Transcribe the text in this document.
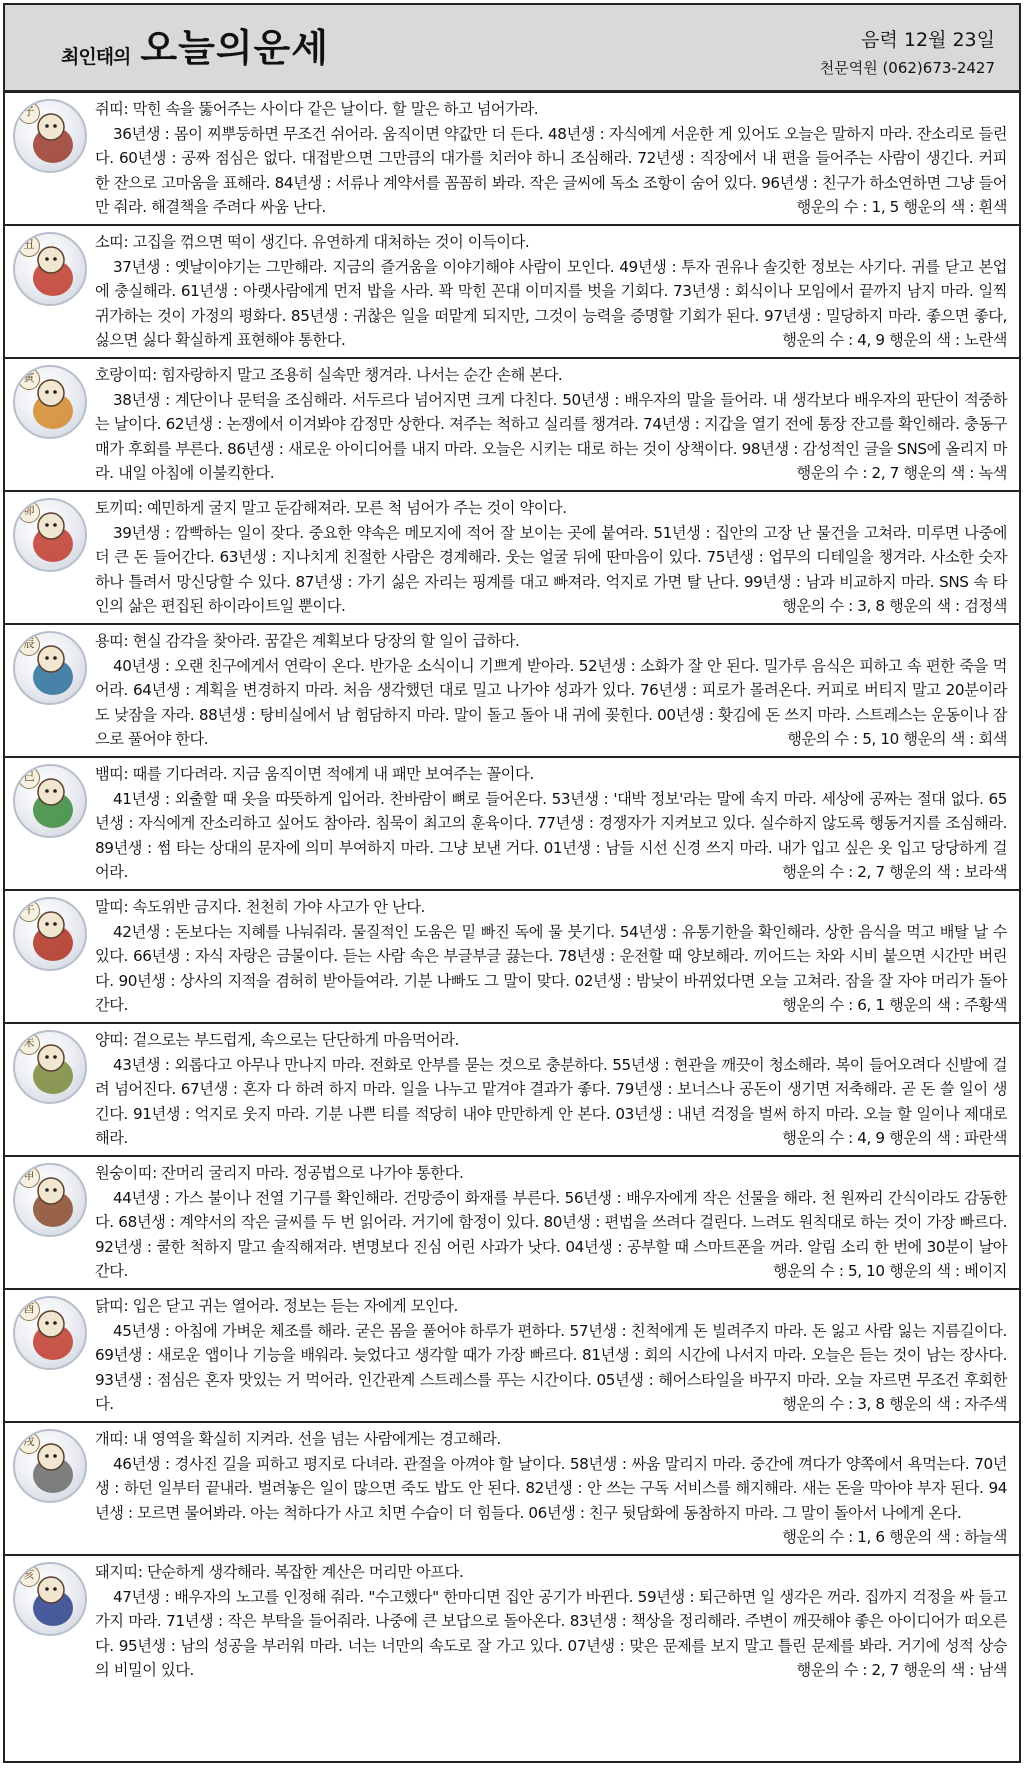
최인태의 오늘의운세	음력 12월 23일
천문역원 (062)673-2427
子	쥐띠: 막힌 속을 뚫어주는 사이다 같은 날이다. 할 말은 하고 넘어가라.
36년생 : 몸이 찌뿌둥하면 무조건 쉬어라. 움직이면 약값만 더 든다. 48년생 : 자식에게 서운한 게 있어도 오늘은 말하지 마라. 잔소리로 들린다. 60년생 : 공짜 점심은 없다. 대접받으면 그만큼의 대가를 치러야 하니 조심해라. 72년생 : 직장에서 내 편을 들어주는 사람이 생긴다. 커피 한 잔으로 고마움을 표해라. 84년생 : 서류나 계약서를 꼼꼼히 봐라. 작은 글씨에 독소 조항이 숨어 있다. 96년생 : 친구가 하소연하면 그냥 들어만 줘라. 해결책을 주려다 싸움 난다.	행운의 수 : 1, 5 행운의 색 : 흰색
丑	소띠: 고집을 꺾으면 떡이 생긴다. 유연하게 대처하는 것이 이득이다.
37년생 : 옛날이야기는 그만해라. 지금의 즐거움을 이야기해야 사람이 모인다. 49년생 : 투자 권유나 솔깃한 정보는 사기다. 귀를 닫고 본업에 충실해라. 61년생 : 아랫사람에게 먼저 밥을 사라. 꽉 막힌 꼰대 이미지를 벗을 기회다. 73년생 : 회식이나 모임에서 끝까지 남지 마라. 일찍 귀가하는 것이 가정의 평화다. 85년생 : 귀찮은 일을 떠맡게 되지만, 그것이 능력을 증명할 기회가 된다. 97년생 : 밀당하지 마라. 좋으면 좋다, 싫으면 싫다 확실하게 표현해야 통한다.	행운의 수 : 4, 9 행운의 색 : 노란색
寅	호랑이띠: 힘자랑하지 말고 조용히 실속만 챙겨라. 나서는 순간 손해 본다.
38년생 : 계단이나 문턱을 조심해라. 서두르다 넘어지면 크게 다친다. 50년생 : 배우자의 말을 들어라. 내 생각보다 배우자의 판단이 적중하는 날이다. 62년생 : 논쟁에서 이겨봐야 감정만 상한다. 져주는 척하고 실리를 챙겨라. 74년생 : 지갑을 열기 전에 통장 잔고를 확인해라. 충동구매가 후회를 부른다. 86년생 : 새로운 아이디어를 내지 마라. 오늘은 시키는 대로 하는 것이 상책이다. 98년생 : 감성적인 글을 SNS에 올리지 마라. 내일 아침에 이불킥한다.	행운의 수 : 2, 7 행운의 색 : 녹색
卯	토끼띠: 예민하게 굴지 말고 둔감해져라. 모른 척 넘어가 주는 것이 약이다.
39년생 : 깜빡하는 일이 잦다. 중요한 약속은 메모지에 적어 잘 보이는 곳에 붙여라. 51년생 : 집안의 고장 난 물건을 고쳐라. 미루면 나중에 더 큰 돈 들어간다. 63년생 : 지나치게 친절한 사람은 경계해라. 웃는 얼굴 뒤에 딴마음이 있다. 75년생 : 업무의 디테일을 챙겨라. 사소한 숫자 하나 틀려서 망신당할 수 있다. 87년생 : 가기 싫은 자리는 핑계를 대고 빠져라. 억지로 가면 탈 난다. 99년생 : 남과 비교하지 마라. SNS 속 타인의 삶은 편집된 하이라이트일 뿐이다.	행운의 수 : 3, 8 행운의 색 : 검정색
辰	용띠: 현실 감각을 찾아라. 꿈같은 계획보다 당장의 할 일이 급하다.
40년생 : 오랜 친구에게서 연락이 온다. 반가운 소식이니 기쁘게 받아라. 52년생 : 소화가 잘 안 된다. 밀가루 음식은 피하고 속 편한 죽을 먹어라. 64년생 : 계획을 변경하지 마라. 처음 생각했던 대로 밀고 나가야 성과가 있다. 76년생 : 피로가 몰려온다. 커피로 버티지 말고 20분이라도 낮잠을 자라. 88년생 : 탕비실에서 남 험담하지 마라. 말이 돌고 돌아 내 귀에 꽂힌다. 00년생 : 홧김에 돈 쓰지 마라. 스트레스는 운동이나 잠으로 풀어야 한다.	행운의 수 : 5, 10 행운의 색 : 회색
巳	뱀띠: 때를 기다려라. 지금 움직이면 적에게 내 패만 보여주는 꼴이다.
41년생 : 외출할 때 옷을 따뜻하게 입어라. 찬바람이 뼈로 들어온다. 53년생 : '대박 정보'라는 말에 속지 마라. 세상에 공짜는 절대 없다. 65년생 : 자식에게 잔소리하고 싶어도 참아라. 침묵이 최고의 훈육이다. 77년생 : 경쟁자가 지켜보고 있다. 실수하지 않도록 행동거지를 조심해라. 89년생 : 썸 타는 상대의 문자에 의미 부여하지 마라. 그냥 보낸 거다. 01년생 : 남들 시선 신경 쓰지 마라. 내가 입고 싶은 옷 입고 당당하게 걸어라.	행운의 수 : 2, 7 행운의 색 : 보라색
午	말띠: 속도위반 금지다. 천천히 가야 사고가 안 난다.
42년생 : 돈보다는 지혜를 나눠줘라. 물질적인 도움은 밑 빠진 독에 물 붓기다. 54년생 : 유통기한을 확인해라. 상한 음식을 먹고 배탈 날 수 있다. 66년생 : 자식 자랑은 금물이다. 듣는 사람 속은 부글부글 끓는다. 78년생 : 운전할 때 양보해라. 끼어드는 차와 시비 붙으면 시간만 버린다. 90년생 : 상사의 지적을 겸허히 받아들여라. 기분 나빠도 그 말이 맞다. 02년생 : 밤낮이 바뀌었다면 오늘 고쳐라. 잠을 잘 자야 머리가 돌아간다.	행운의 수 : 6, 1 행운의 색 : 주황색
未	양띠: 겉으로는 부드럽게, 속으로는 단단하게 마음먹어라.
43년생 : 외롭다고 아무나 만나지 마라. 전화로 안부를 묻는 것으로 충분하다. 55년생 : 현관을 깨끗이 청소해라. 복이 들어오려다 신발에 걸려 넘어진다. 67년생 : 혼자 다 하려 하지 마라. 일을 나누고 맡겨야 결과가 좋다. 79년생 : 보너스나 공돈이 생기면 저축해라. 곧 돈 쓸 일이 생긴다. 91년생 : 억지로 웃지 마라. 기분 나쁜 티를 적당히 내야 만만하게 안 본다. 03년생 : 내년 걱정을 벌써 하지 마라. 오늘 할 일이나 제대로 해라.	행운의 수 : 4, 9 행운의 색 : 파란색
申	원숭이띠: 잔머리 굴리지 마라. 정공법으로 나가야 통한다.
44년생 : 가스 불이나 전열 기구를 확인해라. 건망증이 화재를 부른다. 56년생 : 배우자에게 작은 선물을 해라. 천 원짜리 간식이라도 감동한다. 68년생 : 계약서의 작은 글씨를 두 번 읽어라. 거기에 함정이 있다. 80년생 : 편법을 쓰려다 걸린다. 느려도 원칙대로 하는 것이 가장 빠르다. 92년생 : 쿨한 척하지 말고 솔직해져라. 변명보다 진심 어린 사과가 낫다. 04년생 : 공부할 때 스마트폰을 꺼라. 알림 소리 한 번에 30분이 날아간다.	행운의 수 : 5, 10 행운의 색 : 베이지
酉	닭띠: 입은 닫고 귀는 열어라. 정보는 듣는 자에게 모인다.
45년생 : 아침에 가벼운 체조를 해라. 굳은 몸을 풀어야 하루가 편하다. 57년생 : 친척에게 돈 빌려주지 마라. 돈 잃고 사람 잃는 지름길이다. 69년생 : 새로운 앱이나 기능을 배워라. 늦었다고 생각할 때가 가장 빠르다. 81년생 : 회의 시간에 나서지 마라. 오늘은 듣는 것이 남는 장사다. 93년생 : 점심은 혼자 맛있는 거 먹어라. 인간관계 스트레스를 푸는 시간이다. 05년생 : 헤어스타일을 바꾸지 마라. 오늘 자르면 무조건 후회한다.	행운의 수 : 3, 8 행운의 색 : 자주색
戌	개띠: 내 영역을 확실히 지켜라. 선을 넘는 사람에게는 경고해라.
46년생 : 경사진 길을 피하고 평지로 다녀라. 관절을 아껴야 할 날이다. 58년생 : 싸움 말리지 마라. 중간에 껴다가 양쪽에서 욕먹는다. 70년생 : 하던 일부터 끝내라. 벌려놓은 일이 많으면 죽도 밥도 안 된다. 82년생 : 안 쓰는 구독 서비스를 해지해라. 새는 돈을 막아야 부자 된다. 94년생 : 모르면 물어봐라. 아는 척하다가 사고 치면 수습이 더 힘들다. 06년생 : 친구 뒷담화에 동참하지 마라. 그 말이 돌아서 나에게 온다.
행운의 수 : 1, 6 행운의 색 : 하늘색
亥	돼지띠: 단순하게 생각해라. 복잡한 계산은 머리만 아프다.
47년생 : 배우자의 노고를 인정해 줘라. "수고했다" 한마디면 집안 공기가 바뀐다. 59년생 : 퇴근하면 일 생각은 꺼라. 집까지 걱정을 싸 들고 가지 마라. 71년생 : 작은 부탁을 들어줘라. 나중에 큰 보답으로 돌아온다. 83년생 : 책상을 정리해라. 주변이 깨끗해야 좋은 아이디어가 떠오른다. 95년생 : 남의 성공을 부러워 마라. 너는 너만의 속도로 잘 가고 있다. 07년생 : 맞은 문제를 보지 말고 틀린 문제를 봐라. 거기에 성적 상승의 비밀이 있다.	행운의 수 : 2, 7 행운의 색 : 남색
